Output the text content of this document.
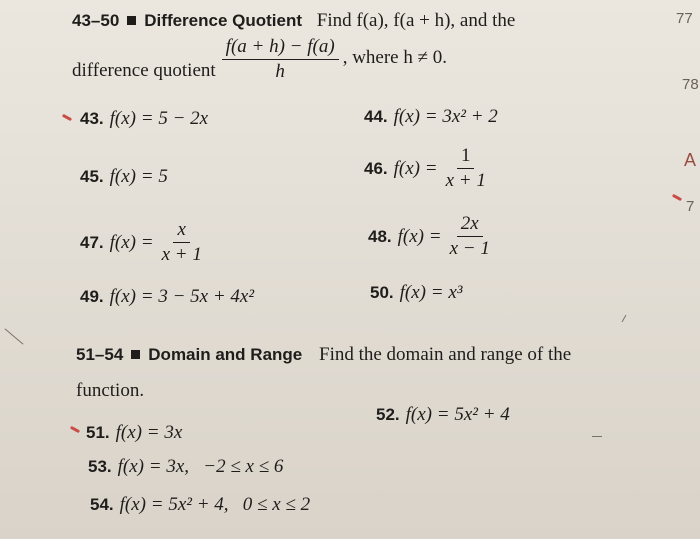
43–50 Difference Quotient Find f(a), f(a + h), and the
difference quotient $\frac{f(a + h) - f(a)}{h}$ , where h ≠ 0.
43. f(x) = 5 − 2x	44. f(x) = 3x² + 2
45. f(x) = 5	46. $f(x) = \frac{1}{x + 1}$
47. $f(x) = \frac{x}{x + 1}$	48. $f(x) = \frac{2x}{x - 1}$
49. f(x) = 3 − 5x + 4x²	50. f(x) = x³
51–54 Domain and Range Find the domain and range of the
function.
51. f(x) = 3x
52. f(x) = 5x² + 4
53. f(x) = 3x,   −2 ≤ x ≤ 6
54. f(x) = 5x² + 4,   0 ≤ x ≤ 2
77
78
A
7
